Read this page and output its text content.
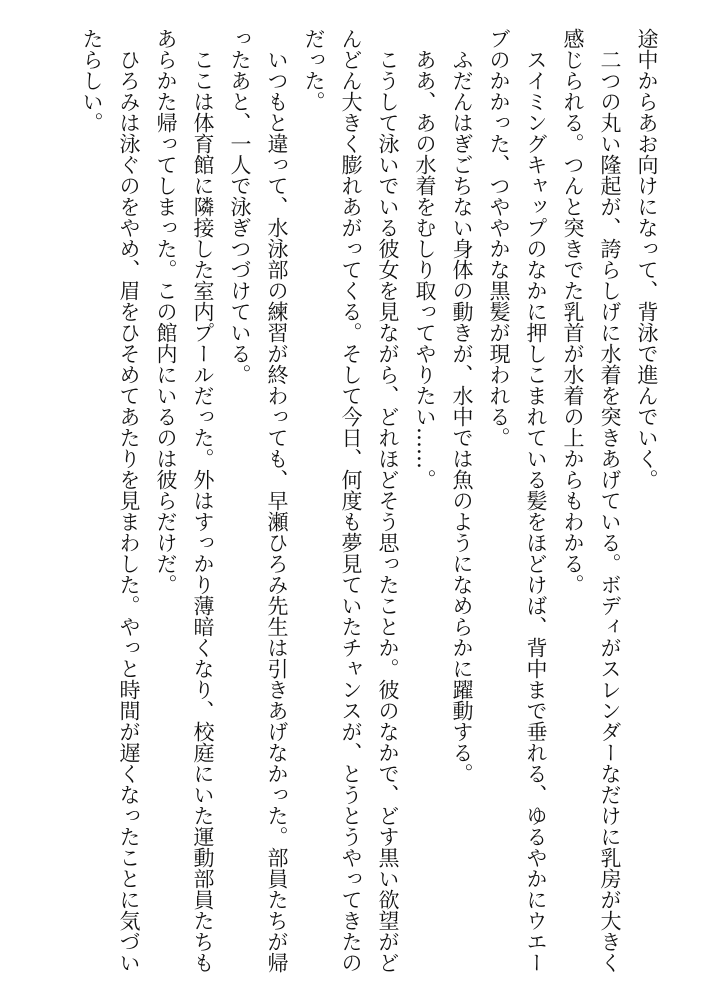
途中からあお向けになって、背泳で進んでいく。

　二つの丸い隆起が、誇らしげに水着を突きあげている。ボディがスレンダーなだけに乳房が大きく感じられる。つんと突きでた乳首が水着の上からもわかる。

　スイミングキャップのなかに押しこまれている髪をほどけば、背中まで垂れる、ゆるやかにウエーブのかかった、つややかな黒髪が現われる。

　ふだんはぎごちない身体の動きが、水中では魚のようになめらかに躍動する。

　ああ、あの水着をむしり取ってやりたい……。

　こうして泳いでいる彼女を見ながら、どれほどそう思ったことか。彼のなかで、どす黒い欲望がどんどん大きく膨れあがってくる。そして今日、何度も夢見ていたチャンスが、とうとうやってきたのだった。

　いつもと違って、水泳部の練習が終わっても、早瀬ひろみ先生は引きあげなかった。部員たちが帰ったあと、一人で泳ぎつづけている。

　ここは体育館に隣接した室内プールだった。外はすっかり薄暗くなり、校庭にいた運動部員たちもあらかた帰ってしまった。この館内にいるのは彼らだけだ。

　ひろみは泳ぐのをやめ、眉をひそめてあたりを見まわした。やっと時間が遅くなったことに気づいたらしい。
